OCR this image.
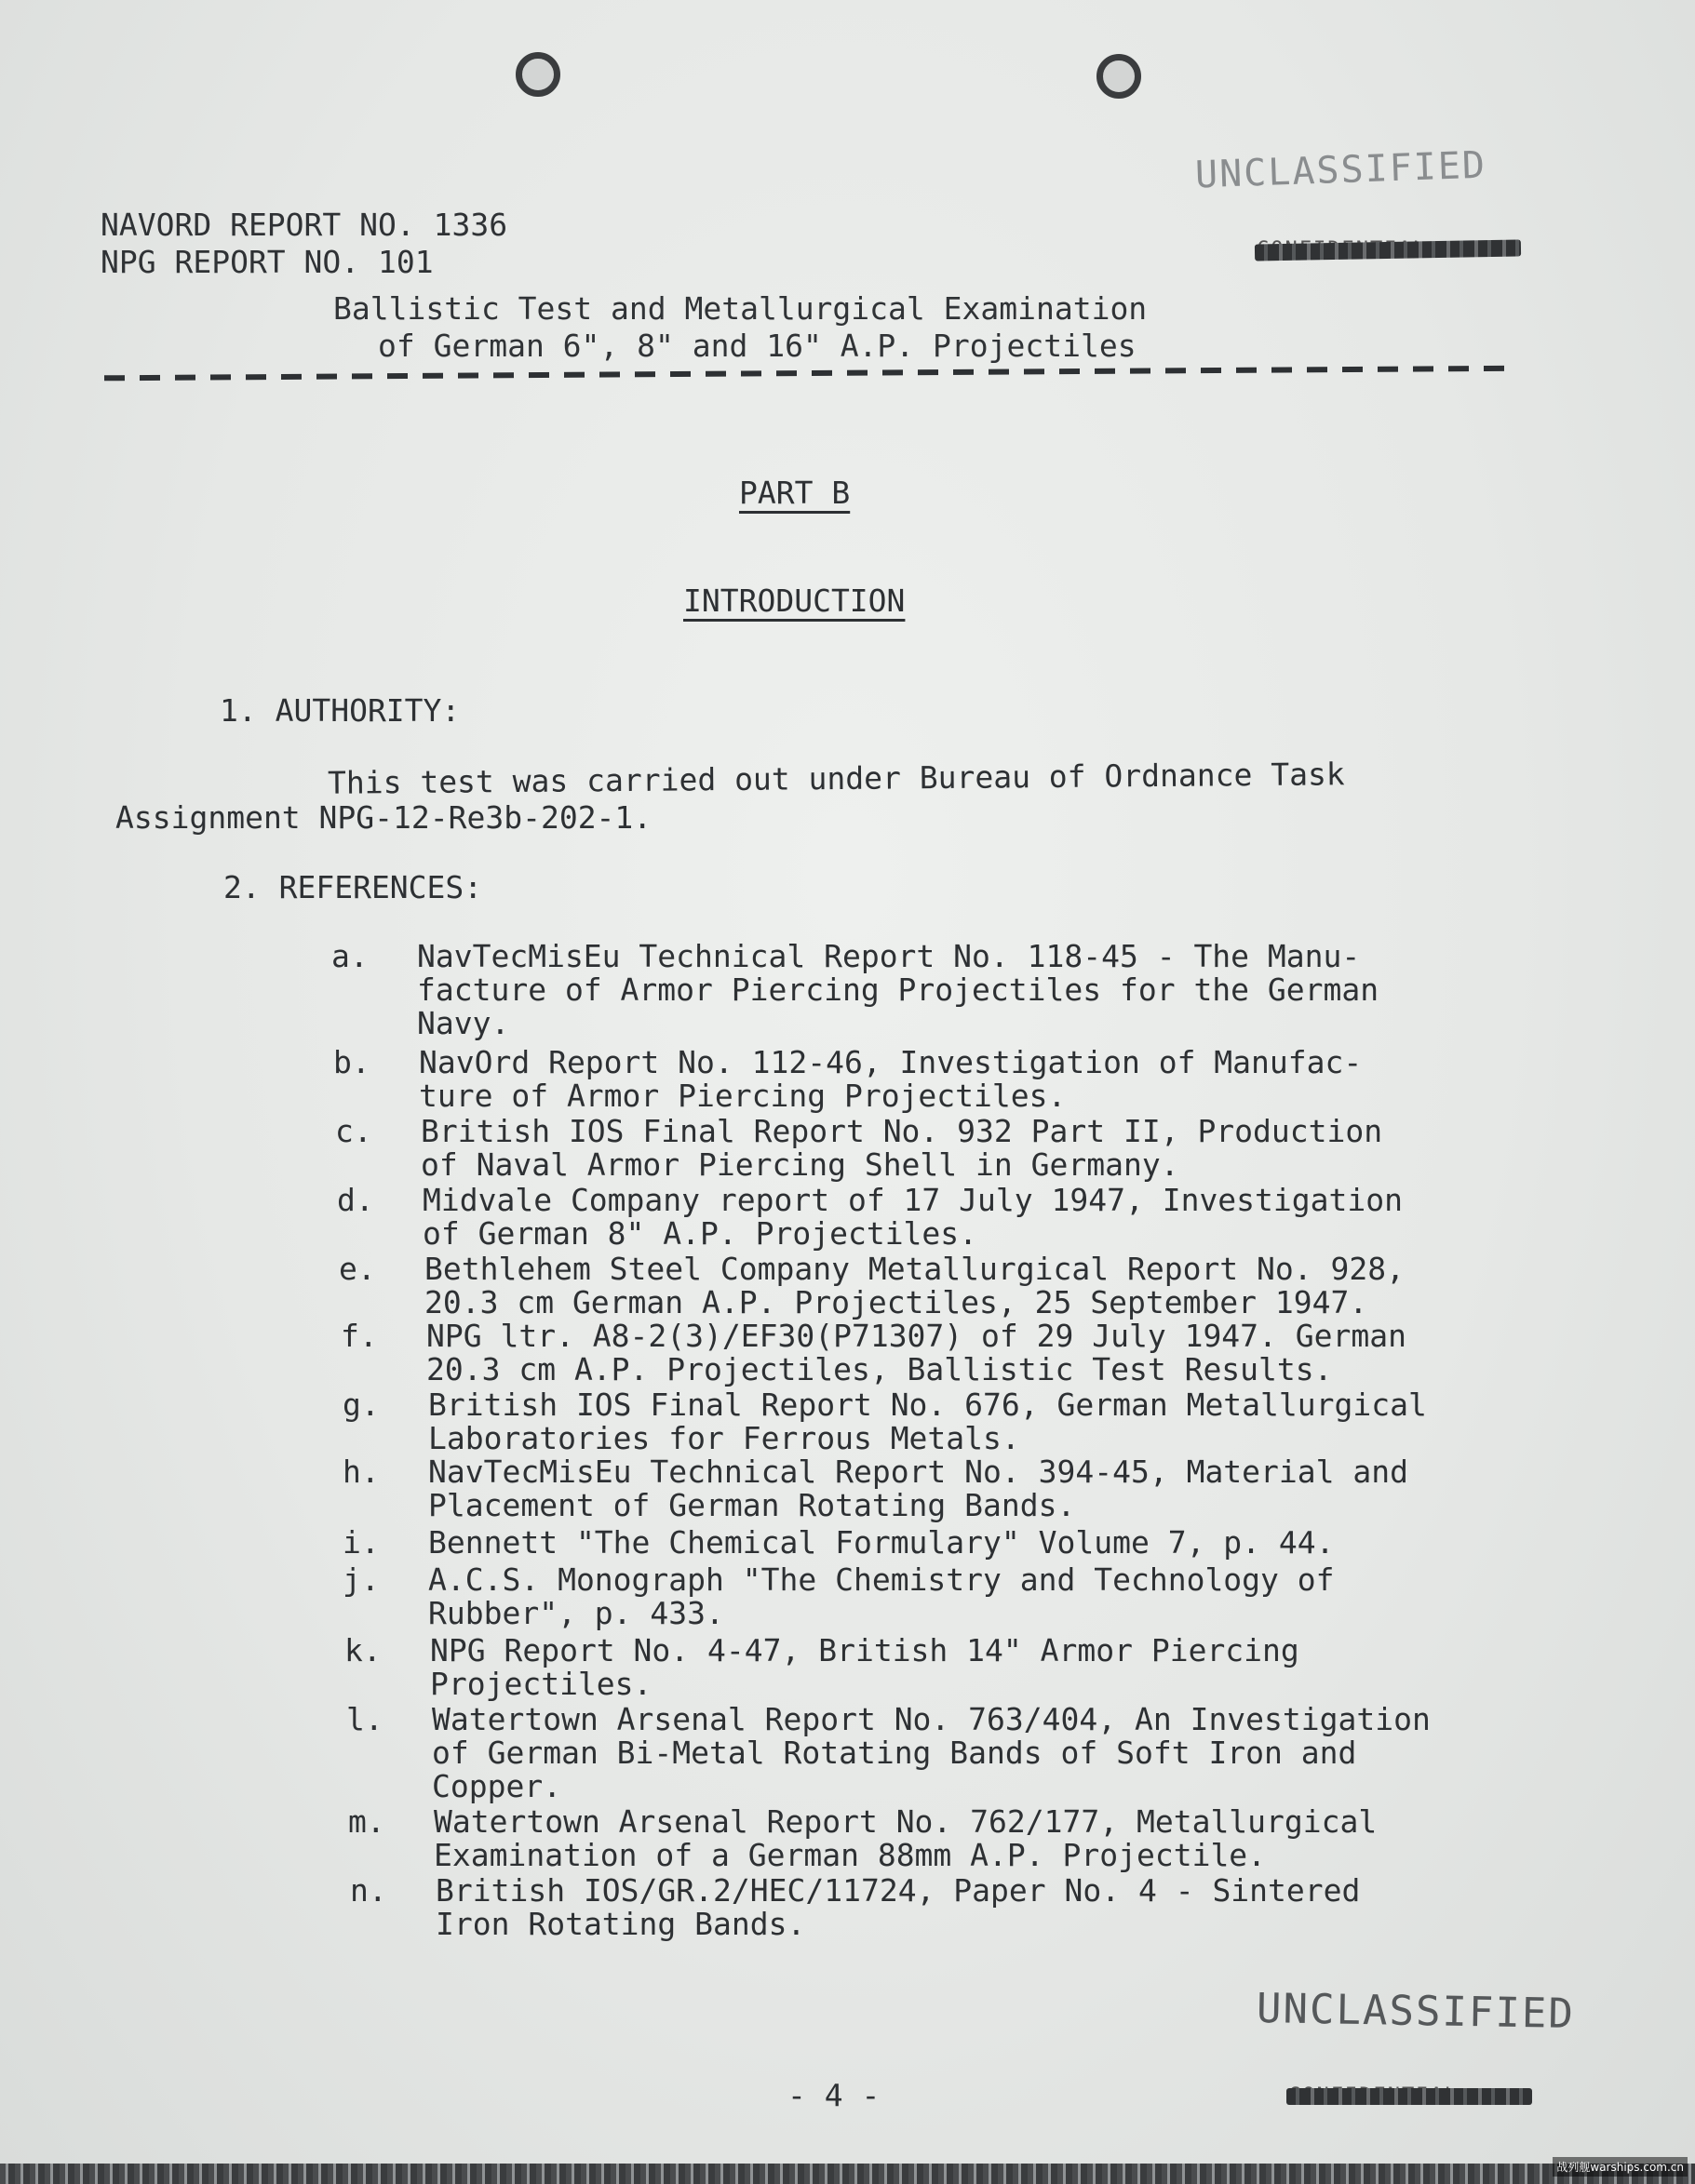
UNCLASSIFIED
NAVORD REPORT NO. 1336
NPG REPORT NO. 101
Ballistic Test and Metallurgical Examination
of German 6", 8" and 16" A.P. Projectiles
PART B
INTRODUCTION
1. AUTHORITY:
This test was carried out under Bureau of Ordnance Task
Assignment NPG-12-Re3b-202-1.
2. REFERENCES:
a. NavTecMisEu Technical Report No. 118-45 - The Manu-
facture of Armor Piercing Projectiles for the German
Navy.
b. NavOrd Report No. 112-46, Investigation of Manufac-
ture of Armor Piercing Projectiles.
c. British IOS Final Report No. 932 Part II, Production
of Naval Armor Piercing Shell in Germany.
d. Midvale Company report of 17 July 1947, Investigation
of German 8" A.P. Projectiles.
e. Bethlehem Steel Company Metallurgical Report No. 928,
20.3 cm German A.P. Projectiles, 25 September 1947.
f. NPG ltr. A8-2(3)/EF30(P71307) of 29 July 1947. German
20.3 cm A.P. Projectiles, Ballistic Test Results.
g. British IOS Final Report No. 676, German Metallurgical
Laboratories for Ferrous Metals.
h. NavTecMisEu Technical Report No. 394-45, Material and
Placement of German Rotating Bands.
i. Bennett "The Chemical Formulary" Volume 7, p. 44.
j. A.C.S. Monograph "The Chemistry and Technology of
Rubber", p. 433.
k. NPG Report No. 4-47, British 14" Armor Piercing
Projectiles.
l. Watertown Arsenal Report No. 763/404, An Investigation
of German Bi-Metal Rotating Bands of Soft Iron and
Copper.
m. Watertown Arsenal Report No. 762/177, Metallurgical
Examination of a German 88mm A.P. Projectile.
n. British IOS/GR.2/HEC/11724, Paper No. 4 - Sintered
Iron Rotating Bands.
UNCLASSIFIED
- 4 -
战列舰warships.com.cn
